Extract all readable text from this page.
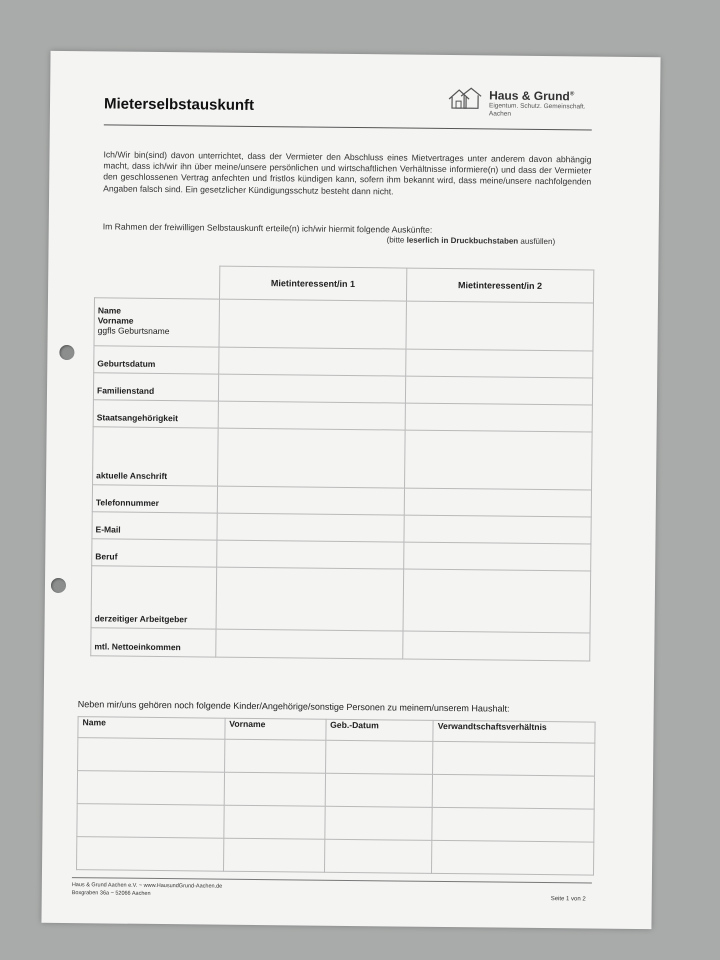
Mieterselbstauskunft	Haus & Grund®
Eigentum. Schutz. Gemeinschaft.
Aachen
Ich/Wir bin(sind) davon unterrichtet, dass der Vermieter den Abschluss eines Mietvertrages unter anderem davon abhängig macht, dass ich/wir ihn über meine/unsere persönlichen und wirtschaftlichen Verhältnisse informiere(n) und dass der Vermieter den geschlossenen Vertrag anfechten und fristlos kündigen kann, sofern ihm bekannt wird, dass meine/unsere nachfolgenden Angaben falsch sind. Ein gesetzlicher Kündigungsschutz besteht dann nicht.
Im Rahmen der freiwilligen Selbstauskunft erteile(n) ich/wir hiermit folgende Auskünfte:
(bitte leserlich in Druckbuchstaben ausfüllen)
	Mietinteressent/in 1	Mietinteressent/in 2

Name
Vorname
ggfls Geburtsname		

Geburtsdatum		
Familienstand		
Staatsangehörigkeit		
aktuelle Anschrift		
Telefonnummer		
E-Mail		
Beruf		
derzeitiger Arbeitgeber		
mtl. Nettoeinkommen		
Neben mir/uns gehören noch folgende Kinder/Angehörige/sonstige Personen zu meinem/unserem Haushalt:
Name	Vorname	Geb.-Datum	Verwandtschaftsverhältnis

Haus & Grund Aachen e.V. ~ www.HausundGrund-Aachen.de
Boxgraben 36a ~ 52066 Aachen
Seite 1 von 2
